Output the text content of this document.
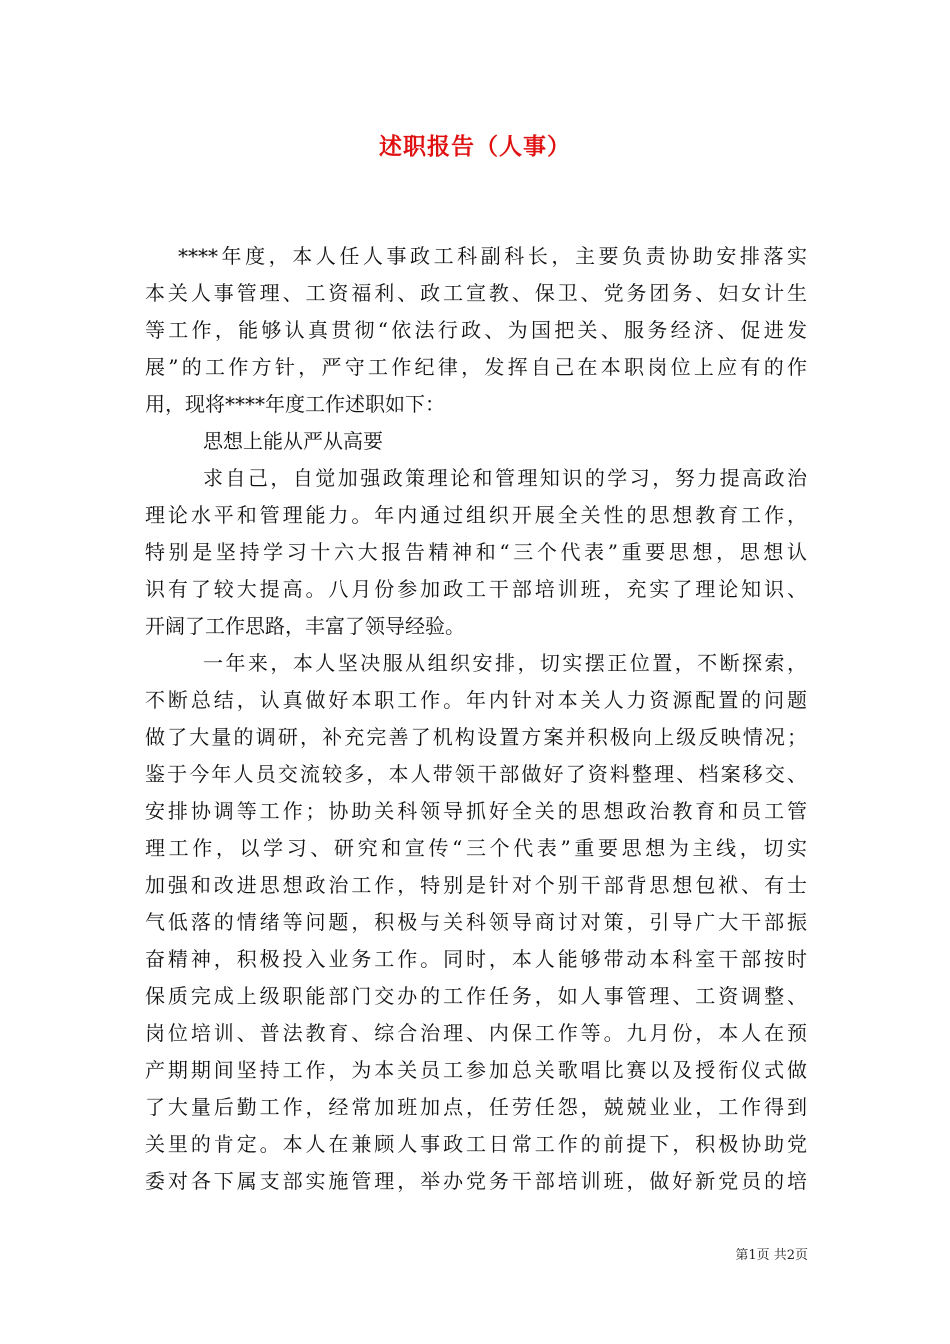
述职报告（人事）
****年度，本人任人事政工科副科长，主要负责协助安排落实
本关人事管理、工资福利、政工宣教、保卫、党务团务、妇女计生
等工作，能够认真贯彻“依法行政、为国把关、服务经济、促进发
展”的工作方针，严守工作纪律，发挥自己在本职岗位上应有的作
用，现将****年度工作述职如下：
思想上能从严从高要
求自己，自觉加强政策理论和管理知识的学习，努力提高政治
理论水平和管理能力。年内通过组织开展全关性的思想教育工作，
特别是坚持学习十六大报告精神和“三个代表”重要思想，思想认
识有了较大提高。八月份参加政工干部培训班，充实了理论知识、
开阔了工作思路，丰富了领导经验。
一年来，本人坚决服从组织安排，切实摆正位置，不断探索，
不断总结，认真做好本职工作。年内针对本关人力资源配置的问题
做了大量的调研，补充完善了机构设置方案并积极向上级反映情况；
鉴于今年人员交流较多，本人带领干部做好了资料整理、档案移交、
安排协调等工作；协助关科领导抓好全关的思想政治教育和员工管
理工作，以学习、研究和宣传“三个代表”重要思想为主线，切实
加强和改进思想政治工作，特别是针对个别干部背思想包袱、有士
气低落的情绪等问题，积极与关科领导商讨对策，引导广大干部振
奋精神，积极投入业务工作。同时，本人能够带动本科室干部按时
保质完成上级职能部门交办的工作任务，如人事管理、工资调整、
岗位培训、普法教育、综合治理、内保工作等。九月份，本人在预
产期期间坚持工作，为本关员工参加总关歌唱比赛以及授衔仪式做
了大量后勤工作，经常加班加点，任劳任怨，兢兢业业，工作得到
关里的肯定。本人在兼顾人事政工日常工作的前提下，积极协助党
委对各下属支部实施管理，举办党务干部培训班，做好新党员的培
第1页 共2页
